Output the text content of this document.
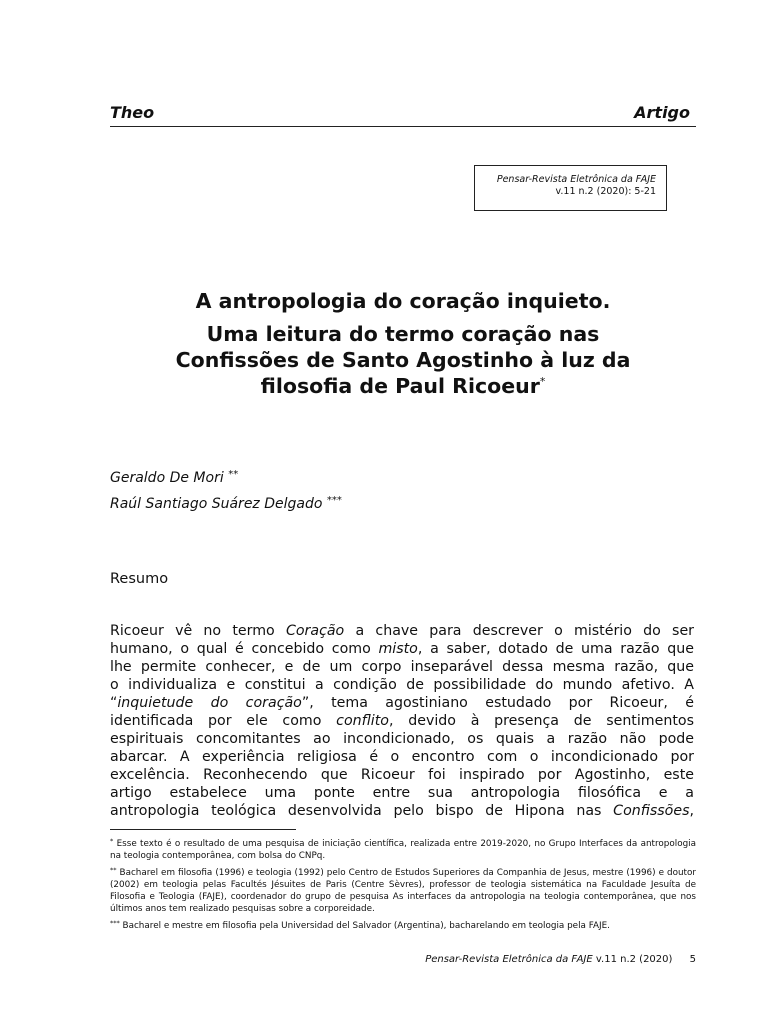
Theo	Artigo
Pensar-Revista Eletrônica da FAJE
v.11 n.2 (2020): 5-21
A antropologia do coração inquieto.
Uma leitura do termo coração nas
Confissões de Santo Agostinho à luz da
filosofia de Paul Ricoeur*
Geraldo De Mori **
Raúl Santiago Suárez Delgado ***
Resumo
Ricoeur vê no termo Coração a chave para descrever o mistério do ser
humano, o qual é concebido como misto, a saber, dotado de uma razão que
lhe permite conhecer, e de um corpo inseparável dessa mesma razão, que
o individualiza e constitui a condição de possibilidade do mundo afetivo. A
“inquietude do coração”, tema agostiniano estudado por Ricoeur, é
identificada por ele como conflito, devido à presença de sentimentos
espirituais concomitantes ao incondicionado, os quais a razão não pode
abarcar. A experiência religiosa é o encontro com o incondicionado por
excelência. Reconhecendo que Ricoeur foi inspirado por Agostinho, este
artigo estabelece uma ponte entre sua antropologia filosófica e a
antropologia teológica desenvolvida pelo bispo de Hipona nas Confissões,

* Esse texto é o resultado de uma pesquisa de iniciação científica, realizada entre 2019-2020, no Grupo Interfaces da antropologia na teologia contemporânea, com bolsa do CNPq.

** Bacharel em filosofia (1996) e teologia (1992) pelo Centro de Estudos Superiores da Companhia de Jesus, mestre (1996) e doutor (2002) em teologia pelas Facultés Jésuites de Paris (Centre Sèvres), professor de teologia sistemática na Faculdade Jesuíta de Filosofia e Teologia (FAJE), coordenador do grupo de pesquisa As interfaces da antropologia na teologia contemporânea, que nos últimos anos tem realizado pesquisas sobre a corporeidade.

*** Bacharel e mestre em filosofia pela Universidad del Salvador (Argentina), bacharelando em teologia pela FAJE.

Pensar-Revista Eletrônica da FAJE v.11 n.2 (2020) 5
